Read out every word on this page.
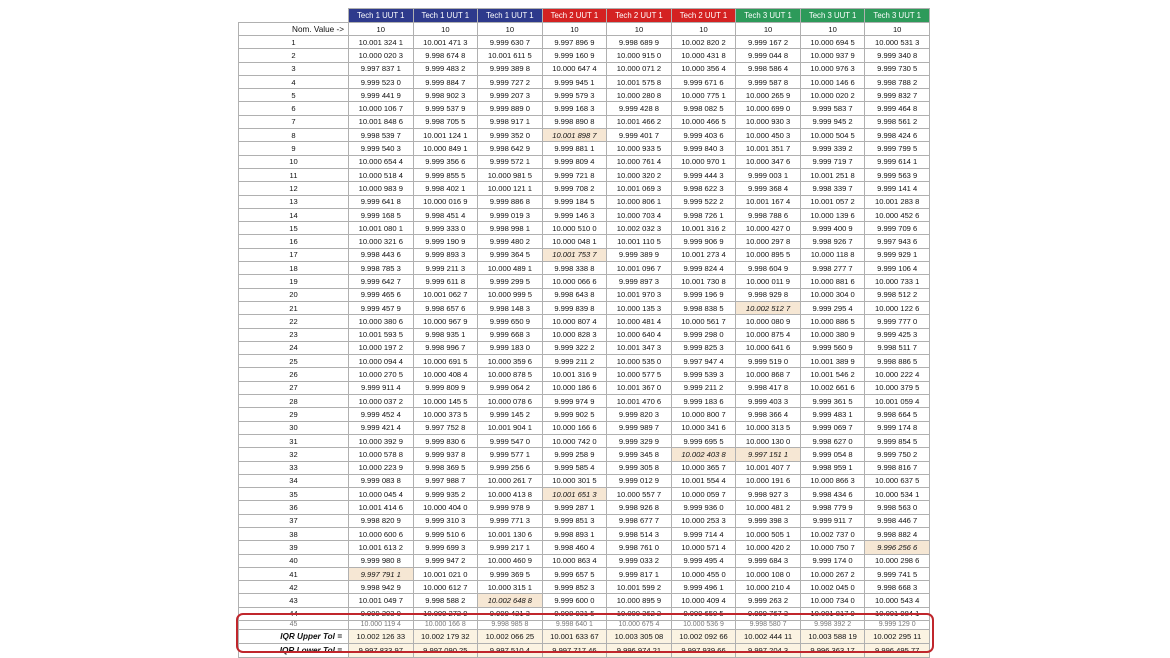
	Tech 1 UUT 1	Tech 1 UUT 1	Tech 1 UUT 1	Tech 2 UUT 1	Tech 2 UUT 1	Tech 2 UUT 1	Tech 3 UUT 1	Tech 3 UUT 1	Tech 3 UUT 1
Nom. Value ->	10	10	10	10	10	10	10	10	10
1	10.001 324 1	10.001 471 3	9.999 630 7	9.997 896 9	9.998 689 9	10.002 820 2	9.999 167 2	10.000 694 5	10.000 531 3
2	10.000 020 3	9.998 674 8	10.001 611 5	9.999 160 9	10.000 915 0	10.000 431 8	9.999 044 8	10.000 937 9	9.999 340 8
3	9.997 837 1	9.999 483 2	9.999 389 8	10.000 647 4	10.000 071 2	10.000 356 4	9.998 586 4	10.000 976 3	9.999 730 5
4	9.999 523 0	9.999 884 7	9.999 727 2	9.999 945 1	10.001 575 8	9.999 671 6	9.999 587 8	10.000 146 6	9.998 788 2
5	9.999 441 9	9.998 902 3	9.999 207 3	9.999 579 3	10.000 280 8	10.000 775 1	10.000 265 9	10.000 020 2	9.999 832 7
6	10.000 106 7	9.999 537 9	9.999 889 0	9.999 168 3	9.999 428 8	9.998 082 5	10.000 699 0	9.999 583 7	9.999 464 8
7	10.001 848 6	9.998 705 5	9.998 917 1	9.998 890 8	10.001 466 2	10.000 466 5	10.000 930 3	9.999 945 2	9.998 561 2
8	9.998 539 7	10.001 124 1	9.999 352 0	10.001 898 7	9.999 401 7	9.999 403 6	10.000 450 3	10.000 504 5	9.998 424 6
9	9.999 540 3	10.000 849 1	9.998 642 9	9.999 881 1	10.000 933 5	9.999 840 3	10.001 351 7	9.999 339 2	9.999 799 5
10	10.000 654 4	9.999 356 6	9.999 572 1	9.999 809 4	10.000 761 4	10.000 970 1	10.000 347 6	9.999 719 7	9.999 614 1
11	10.000 518 4	9.999 855 5	10.000 981 5	9.999 721 8	10.000 320 2	9.999 444 3	9.999 003 1	10.001 251 8	9.999 563 9
12	10.000 983 9	9.998 402 1	10.000 121 1	9.999 708 2	10.001 069 3	9.998 622 3	9.999 368 4	9.998 339 7	9.999 141 4
13	9.999 641 8	10.000 016 9	9.999 886 8	9.999 184 5	10.000 806 1	9.999 522 2	10.001 167 4	10.001 057 2	10.001 283 8
14	9.999 168 5	9.998 451 4	9.999 019 3	9.999 146 3	10.000 703 4	9.998 726 1	9.998 788 6	10.000 139 6	10.000 452 6
15	10.001 080 1	9.999 333 0	9.998 998 1	10.000 510 0	10.002 032 3	10.001 316 2	10.000 427 0	9.999 400 9	9.999 709 6
16	10.000 321 6	9.999 190 9	9.999 480 2	10.000 048 1	10.001 110 5	9.999 906 9	10.000 297 8	9.998 926 7	9.997 943 6
17	9.998 443 6	9.999 893 3	9.999 364 5	10.001 753 7	9.999 389 9	10.001 273 4	10.000 895 5	10.000 118 8	9.999 929 1
18	9.998 785 3	9.999 211 3	10.000 489 1	9.998 338 8	10.001 096 7	9.999 824 4	9.998 604 9	9.998 277 7	9.999 106 4
19	9.999 642 7	9.999 611 8	9.999 299 5	10.000 066 6	9.999 897 3	10.001 730 8	10.000 011 9	10.000 881 6	10.000 733 1
20	9.999 465 6	10.001 062 7	10.000 999 5	9.998 643 8	10.001 970 3	9.999 196 9	9.998 929 8	10.000 304 0	9.998 512 2
21	9.999 457 9	9.998 657 6	9.998 148 3	9.999 839 8	10.000 135 3	9.998 838 5	10.002 512 7	9.999 295 4	10.000 122 6
22	10.000 380 6	10.000 967 9	9.999 650 9	10.000 807 4	10.000 481 4	10.000 561 7	10.000 080 9	10.000 886 5	9.999 777 0
23	10.001 593 5	9.998 935 1	9.999 668 3	10.000 828 3	10.000 640 4	9.999 298 0	10.000 875 4	10.000 380 9	9.999 425 3
24	10.000 197 2	9.998 996 7	9.999 183 0	9.999 322 2	10.001 347 3	9.999 825 3	10.000 641 6	9.999 560 9	9.998 511 7
25	10.000 094 4	10.000 691 5	10.000 359 6	9.999 211 2	10.000 535 0	9.997 947 4	9.999 519 0	10.001 389 9	9.998 886 5
26	10.000 270 5	10.000 408 4	10.000 878 5	10.001 316 9	10.000 577 5	9.999 539 3	10.000 868 7	10.001 546 2	10.000 222 4
27	9.999 911 4	9.999 809 9	9.999 064 2	10.000 186 6	10.001 367 0	9.999 211 2	9.998 417 8	10.002 661 6	10.000 379 5
28	10.000 037 2	10.000 145 5	10.000 078 6	9.999 974 9	10.001 470 6	9.999 183 6	9.999 403 3	9.999 361 5	10.001 059 4
29	9.999 452 4	10.000 373 5	9.999 145 2	9.999 902 5	9.999 820 3	10.000 800 7	9.998 366 4	9.999 483 1	9.998 664 5
30	9.999 421 4	9.997 752 8	10.001 904 1	10.000 166 6	9.999 989 7	10.000 341 6	10.000 313 5	9.999 069 7	9.999 174 8
31	10.000 392 9	9.999 830 6	9.999 547 0	10.000 742 0	9.999 329 9	9.999 695 5	10.000 130 0	9.998 627 0	9.999 854 5
32	10.000 578 8	9.999 937 8	9.999 577 1	9.999 258 9	9.999 345 8	10.002 403 8	9.997 151 1	9.999 054 8	9.999 750 2
33	10.000 223 9	9.998 369 5	9.999 256 6	9.999 585 4	9.999 305 8	10.000 365 7	10.001 407 7	9.998 959 1	9.998 816 7
34	9.999 083 8	9.997 988 7	10.000 261 7	10.000 301 5	9.999 012 9	10.001 554 4	10.000 191 6	10.000 866 3	10.000 637 5
35	10.000 045 4	9.999 935 2	10.000 413 8	10.001 651 3	10.000 557 7	10.000 059 7	9.998 927 3	9.998 434 6	10.000 534 1
36	10.001 414 6	10.000 404 0	9.999 978 9	9.999 287 1	9.998 926 8	9.999 936 0	10.000 481 2	9.998 779 9	9.998 563 0
37	9.998 820 9	9.999 310 3	9.999 771 3	9.999 851 3	9.998 677 7	10.000 253 3	9.999 398 3	9.999 911 7	9.998 446 7
38	10.000 600 6	9.999 510 6	10.001 130 6	9.998 893 1	9.998 514 3	9.999 714 4	10.000 505 1	10.002 737 0	9.998 882 4
39	10.001 613 2	9.999 699 3	9.999 217 1	9.998 460 4	9.998 761 0	10.000 571 4	10.000 420 2	10.000 750 7	9.996 256 6
40	9.999 980 8	9.999 947 2	10.000 460 9	10.000 863 4	9.999 033 2	9.999 495 4	9.999 684 3	9.999 174 0	10.000 298 6
41	9.997 791 1	10.001 021 0	9.999 369 5	9.999 657 5	9.999 817 1	10.000 455 0	10.000 108 0	10.000 267 2	9.999 741 5
42	9.998 942 9	10.000 612 7	10.000 315 1	9.999 852 3	10.001 599 2	9.999 496 1	10.000 210 4	10.002 045 0	9.998 668 3
43	10.001 049 7	9.998 588 2	10.002 648 8	9.999 600 0	10.000 895 9	10.000 409 4	9.999 263 2	10.000 734 0	10.000 543 4
44	9.999 203 0	10.000 272 9	9.999 421 3	9.998 931 5	10.000 362 2	9.999 650 5	9.999 767 3	10.001 817 9	10.001 984 1
45	10.000 119 4	10.000 166 8	9.998 985 8	9.998 640 1	10.000 675 4	10.000 536 9	9.998 580 7	9.998 392 2	9.999 129 0
IQR Upper Tol =	10.002 126 33	10.002 179 32	10.002 066 25	10.001 633 67	10.003 305 08	10.002 092 66	10.002 444 11	10.003 588 19	10.002 295 11
IQR Lower Tol =	9.997 833 97	9.997 090 25	9.997 510 4	9.997 717 46	9.996 974 21	9.997 939 66	9.997 204 3	9.996 363 17	9.996 495 77
